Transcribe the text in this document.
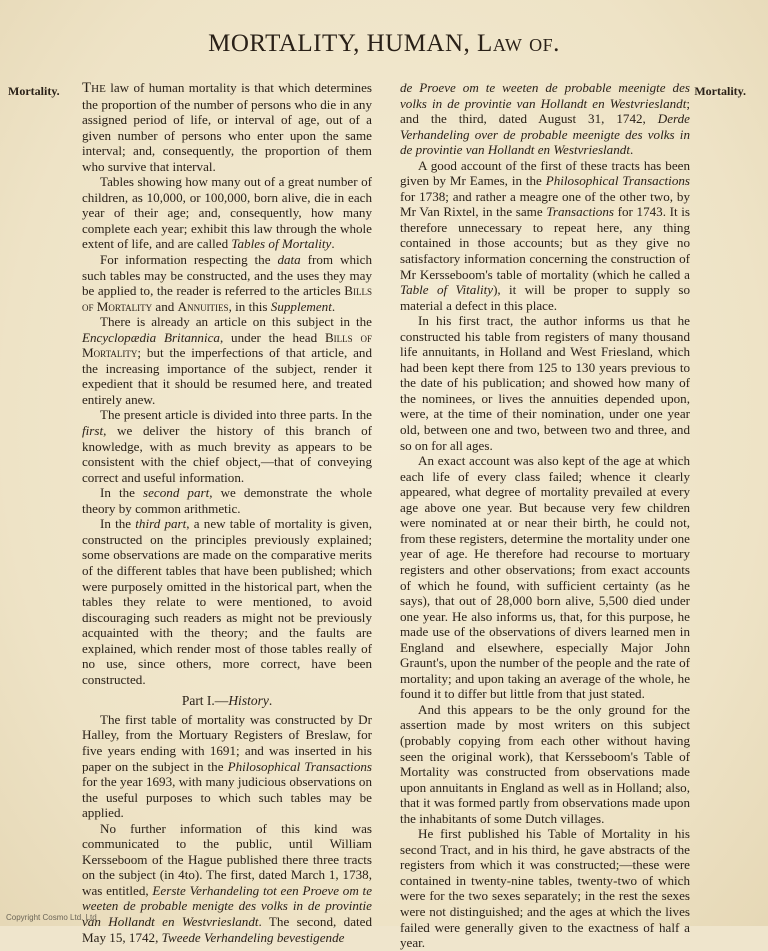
MORTALITY, HUMAN, Law of.
Mortality.	Mortality.

The law of human mortality is that which determines the proportion of the number of persons who die in any assigned period of life, or interval of age, out of a given number of persons who enter upon the same interval; and, consequently, the proportion of them who survive that interval.

Tables showing how many out of a great number of children, as 10,000, or 100,000, born alive, die in each year of their age; and, consequently, how many complete each year; exhibit this law through the whole extent of life, and are called Tables of Mortality.

For information respecting the data from which such tables may be constructed, and the uses they may be applied to, the reader is referred to the articles Bills of Mortality and Annuities, in this Supplement.

There is already an article on this subject in the Encyclopædia Britannica, under the head Bills of Mortality; but the imperfections of that article, and the increasing importance of the subject, render it expedient that it should be resumed here, and treated entirely anew.

The present article is divided into three parts. In the first, we deliver the history of this branch of knowledge, with as much brevity as appears to be consistent with the chief object,—that of conveying correct and useful information.

In the second part, we demonstrate the whole theory by common arithmetic.

In the third part, a new table of mortality is given, constructed on the principles previously explained; some observations are made on the comparative merits of the different tables that have been published; which were purposely omitted in the historical part, when the tables they relate to were mentioned, to avoid discouraging such readers as might not be previously acquainted with the theory; and the faults are explained, which render most of those tables really of no use, since others, more correct, have been constructed.

Part I.—History.

The first table of mortality was constructed by Dr Halley, from the Mortuary Registers of Breslaw, for five years ending with 1691; and was inserted in his paper on the subject in the Philosophical Transactions for the year 1693, with many judicious observations on the useful purposes to which such tables may be applied.

No further information of this kind was communicated to the public, until William Kersseboom of the Hague published there three tracts on the subject (in 4to). The first, dated March 1, 1738, was entitled, Eerste Verhandeling tot een Proeve om te weeten de probable menigte des volks in de provintie van Hollandt en Westvrieslandt. The second, dated May 15, 1742, Tweede Verhandeling bevestigende

de Proeve om te weeten de probable meenigte des volks in de provintie van Hollandt en Westvrieslandt; and the third, dated August 31, 1742, Derde Verhandeling over de probable meenigte des volks in de provintie van Hollandt en Westvrieslandt.

A good account of the first of these tracts has been given by Mr Eames, in the Philosophical Transactions for 1738; and rather a meagre one of the other two, by Mr Van Rixtel, in the same Transactions for 1743. It is therefore unnecessary to repeat here, any thing contained in those accounts; but as they give no satisfactory information concerning the construction of Mr Kersseboom's table of mortality (which he called a Table of Vitality), it will be proper to supply so material a defect in this place.

In his first tract, the author informs us that he constructed his table from registers of many thousand life annuitants, in Holland and West Friesland, which had been kept there from 125 to 130 years previous to the date of his publication; and showed how many of the nominees, or lives the annuities depended upon, were, at the time of their nomination, under one year old, between one and two, between two and three, and so on for all ages.

An exact account was also kept of the age at which each life of every class failed; whence it clearly appeared, what degree of mortality prevailed at every age above one year. But because very few children were nominated at or near their birth, he could not, from these registers, determine the mortality under one year of age. He therefore had recourse to mortuary registers and other observations; from exact accounts of which he found, with sufficient certainty (as he says), that out of 28,000 born alive, 5,500 died under one year. He also informs us, that, for this purpose, he made use of the observations of divers learned men in England and elsewhere, especially Major John Graunt's, upon the number of the people and the rate of mortality; and upon taking an average of the whole, he found it to differ but little from that just stated.

And this appears to be the only ground for the assertion made by most writers on this subject (probably copying from each other without having seen the original work), that Kersseboom's Table of Mortality was constructed from observations made upon annuitants in England as well as in Holland; also, that it was formed partly from observations made upon the inhabitants of some Dutch villages.

He first published his Table of Mortality in his second Tract, and in his third, he gave abstracts of the registers from which it was constructed;—these were contained in twenty-nine tables, twenty-two of which were for the two sexes separately; in the rest the sexes were not distinguished; and the ages at which the lives failed were generally given to the exactness of half a year.

Copyright Cosmo Ltd. Ltd
